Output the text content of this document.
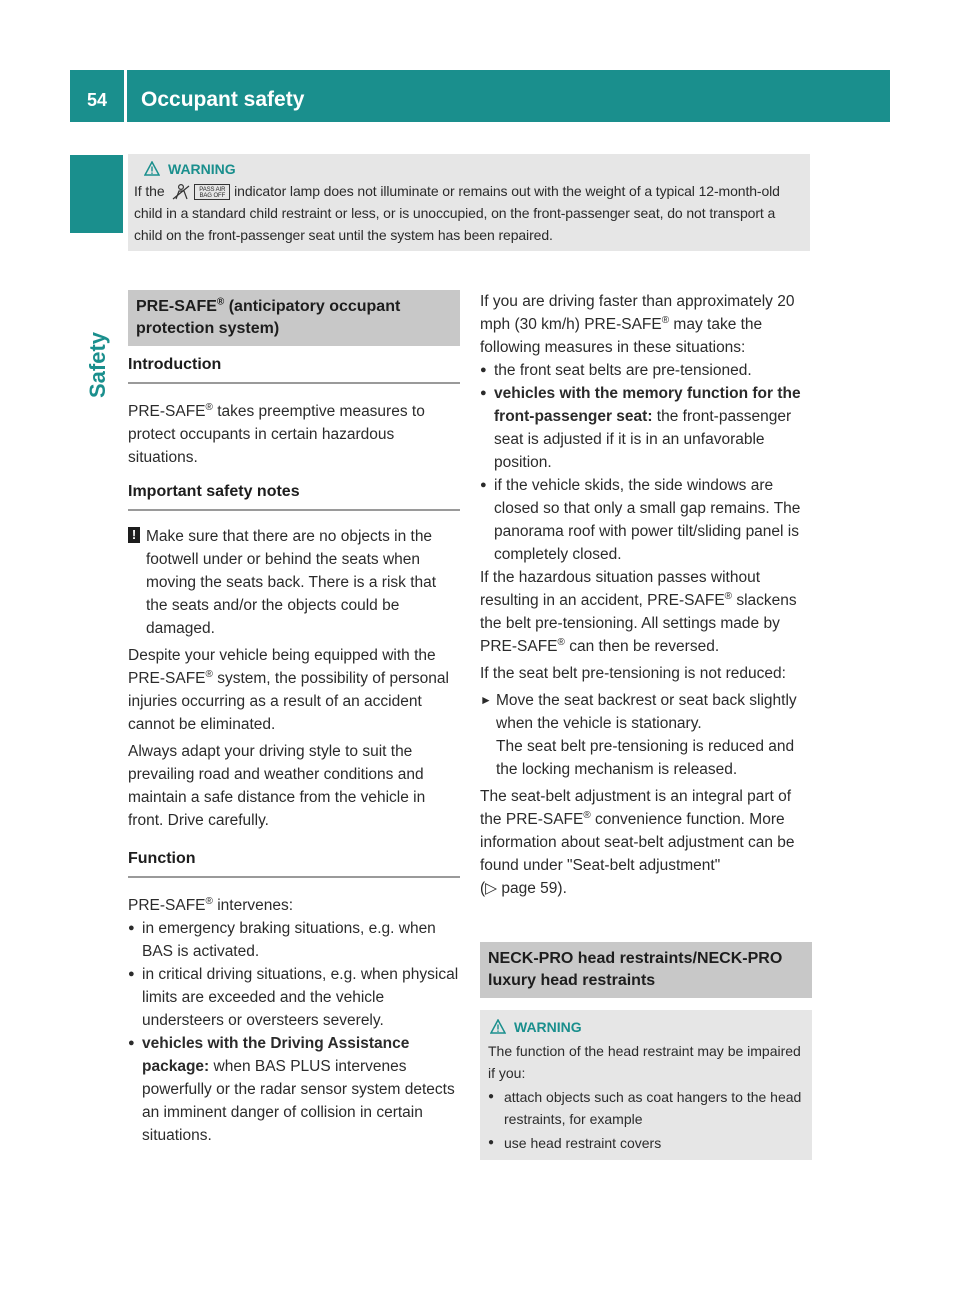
54	Occupant safety
Safety
WARNING

If the	PASS AIR BAG OFF indicator lamp does not illuminate or remains out with the weight of a typical 12-month-old child in a standard child restraint or less, or is unoccupied, on the front-passenger seat, do not transport a child on the front-passenger seat until the system has been repaired.

PRE-SAFE® (anticipatory occupant protection system)
Introduction

PRE-SAFE® takes preemptive measures to protect occupants in certain hazardous situations.

Important safety notes
! Make sure that there are no objects in the footwell under or behind the seats when moving the seats back. There is a risk that the seats and/or the objects could be damaged.

Despite your vehicle being equipped with the PRE-SAFE® system, the possibility of personal injuries occurring as a result of an accident cannot be eliminated.

Always adapt your driving style to suit the prevailing road and weather conditions and maintain a safe distance from the vehicle in front. Drive carefully.

Function

PRE-SAFE® intervenes:

● in emergency braking situations, e.g. when BAS is activated.
● in critical driving situations, e.g. when physical limits are exceeded and the vehicle understeers or oversteers severely.
● vehicles with the Driving Assistance package: when BAS PLUS intervenes powerfully or the radar sensor system detects an imminent danger of collision in certain situations.

If you are driving faster than approximately 20 mph (30 km/h) PRE-SAFE® may take the following measures in these situations:

● the front seat belts are pre-tensioned.
● vehicles with the memory function for the front-passenger seat: the front-passenger seat is adjusted if it is in an unfavorable position.
● if the vehicle skids, the side windows are closed so that only a small gap remains. The panorama roof with power tilt/sliding panel is completely closed.

If the hazardous situation passes without resulting in an accident, PRE-SAFE® slackens the belt pre-tensioning. All settings made by PRE-SAFE® can then be reversed.

If the seat belt pre-tensioning is not reduced:

► Move the seat backrest or seat back slightly when the vehicle is stationary.

The seat belt pre-tensioning is reduced and the locking mechanism is released.

The seat-belt adjustment is an integral part of the PRE-SAFE® convenience function. More information about seat-belt adjustment can be found under "Seat-belt adjustment"
(▷ page 59).

NECK-PRO head restraints/NECK-PRO luxury head restraints
WARNING

The function of the head restraint may be impaired if you:

● attach objects such as coat hangers to the head restraints, for example
● use head restraint covers
